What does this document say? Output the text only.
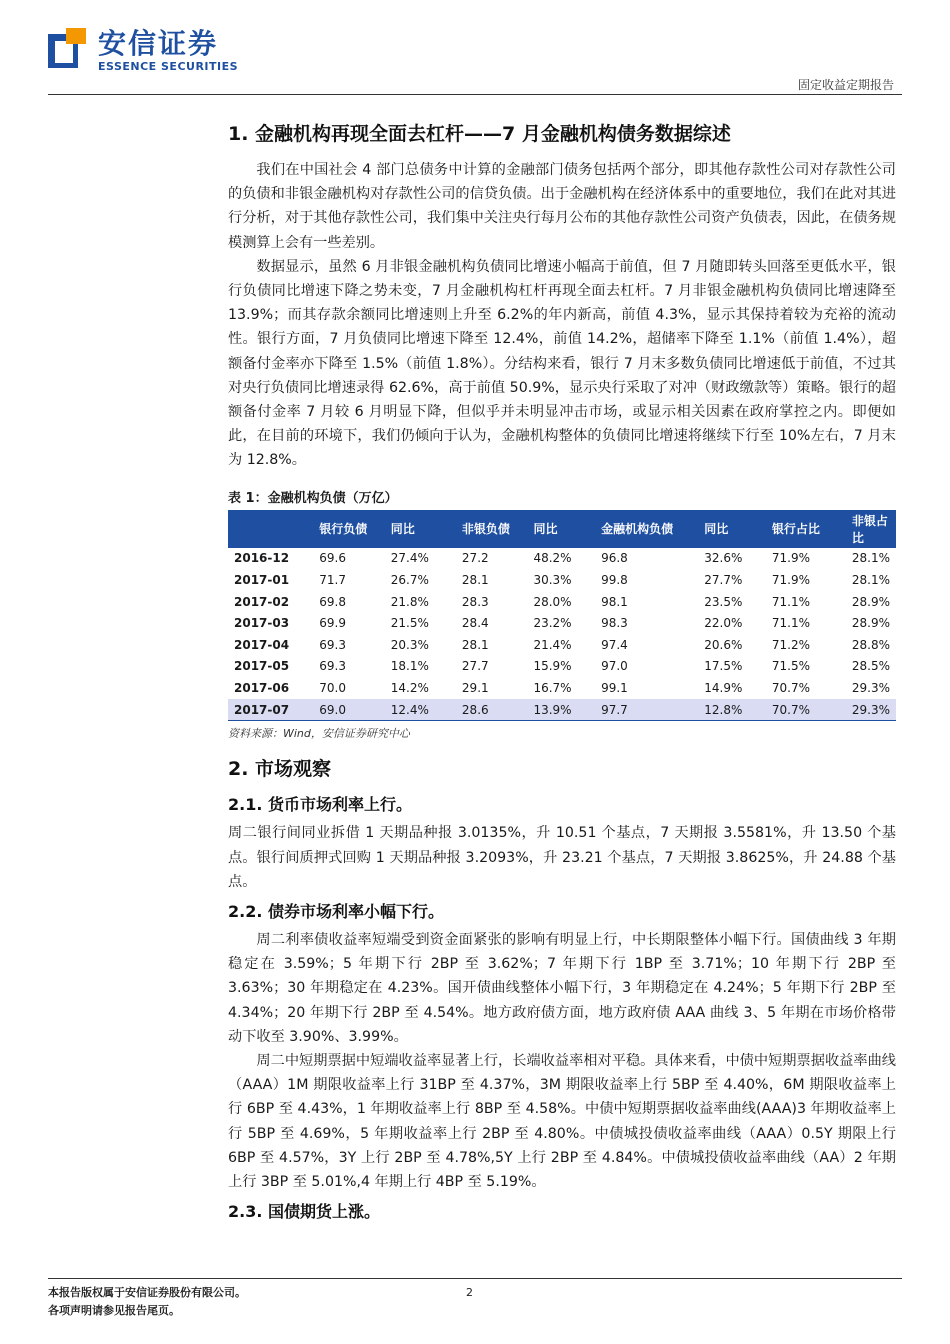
安信证券
ESSENCE SECURITIES
固定收益定期报告
1. 金融机构再现全面去杠杆——7 月金融机构债务数据综述

我们在中国社会 4 部门总债务中计算的金融部门债务包括两个部分，即其他存款性公司对存款性公司的负债和非银金融机构对存款性公司的信贷负债。出于金融机构在经济体系中的重要地位，我们在此对其进行分析，对于其他存款性公司，我们集中关注央行每月公布的其他存款性公司资产负债表，因此，在债务规模测算上会有一些差别。

数据显示，虽然 6 月非银金融机构负债同比增速小幅高于前值，但 7 月随即转头回落至更低水平，银行负债同比增速下降之势未变，7 月金融机构杠杆再现全面去杠杆。7 月非银金融机构负债同比增速降至 13.9%；而其存款余额同比增速则上升至 6.2%的年内新高，前值 4.3%，显示其保持着较为充裕的流动性。银行方面，7 月负债同比增速下降至 12.4%，前值 14.2%，超储率下降至 1.1%（前值 1.4%），超额备付金率亦下降至 1.5%（前值 1.8%）。分结构来看，银行 7 月末多数负债同比增速低于前值，不过其对央行负债同比增速录得 62.6%，高于前值 50.9%，显示央行采取了对冲（财政缴款等）策略。银行的超额备付金率 7 月较 6 月明显下降，但似乎并未明显冲击市场，或显示相关因素在政府掌控之内。即便如此，在目前的环境下，我们仍倾向于认为，金融机构整体的负债同比增速将继续下行至 10%左右，7 月末为 12.8%。

表 1：金融机构负债（万亿）
	银行负债	同比	非银负债	同比	金融机构负债	同比	银行占比	非银占比
2016-12	69.6	27.4%	27.2	48.2%	96.8	32.6%	71.9%	28.1%
2017-01	71.7	26.7%	28.1	30.3%	99.8	27.7%	71.9%	28.1%
2017-02	69.8	21.8%	28.3	28.0%	98.1	23.5%	71.1%	28.9%
2017-03	69.9	21.5%	28.4	23.2%	98.3	22.0%	71.1%	28.9%
2017-04	69.3	20.3%	28.1	21.4%	97.4	20.6%	71.2%	28.8%
2017-05	69.3	18.1%	27.7	15.9%	97.0	17.5%	71.5%	28.5%
2017-06	70.0	14.2%	29.1	16.7%	99.1	14.9%	70.7%	29.3%
2017-07	69.0	12.4%	28.6	13.9%	97.7	12.8%	70.7%	29.3%
资料来源：Wind，安信证券研究中心
2. 市场观察
2.1. 货币市场利率上行。

周二银行间同业拆借 1 天期品种报 3.0135%，升 10.51 个基点，7 天期报 3.5581%，升 13.50 个基点。银行间质押式回购 1 天期品种报 3.2093%，升 23.21 个基点，7 天期报 3.8625%，升 24.88 个基点。

2.2. 债券市场利率小幅下行。

周二利率债收益率短端受到资金面紧张的影响有明显上行，中长期限整体小幅下行。国债曲线 3 年期稳定在 3.59%；5 年期下行 2BP 至 3.62%；7 年期下行 1BP 至 3.71%；10 年期下行 2BP 至 3.63%；30 年期稳定在 4.23%。国开债曲线整体小幅下行，3 年期稳定在 4.24%；5 年期下行 2BP 至 4.34%；20 年期下行 2BP 至 4.54%。地方政府债方面，地方政府债 AAA 曲线 3、5 年期在市场价格带动下收至 3.90%、3.99%。

周二中短期票据中短端收益率显著上行，长端收益率相对平稳。具体来看，中债中短期票据收益率曲线（AAA）1M 期限收益率上行 31BP 至 4.37%，3M 期限收益率上行 5BP 至 4.40%，6M 期限收益率上行 6BP 至 4.43%，1 年期收益率上行 8BP 至 4.58%。中债中短期票据收益率曲线(AAA)3 年期收益率上行 5BP 至 4.69%，5 年期收益率上行 2BP 至 4.80%。中债城投债收益率曲线（AAA）0.5Y 期限上行 6BP 至 4.57%，3Y 上行 2BP 至 4.78%,5Y 上行 2BP 至 4.84%。中债城投债收益率曲线（AA）2 年期上行 3BP 至 5.01%,4 年期上行 4BP 至 5.19%。

2.3. 国债期货上涨。
本报告版权属于安信证券股份有限公司。
各项声明请参见报告尾页。
2
